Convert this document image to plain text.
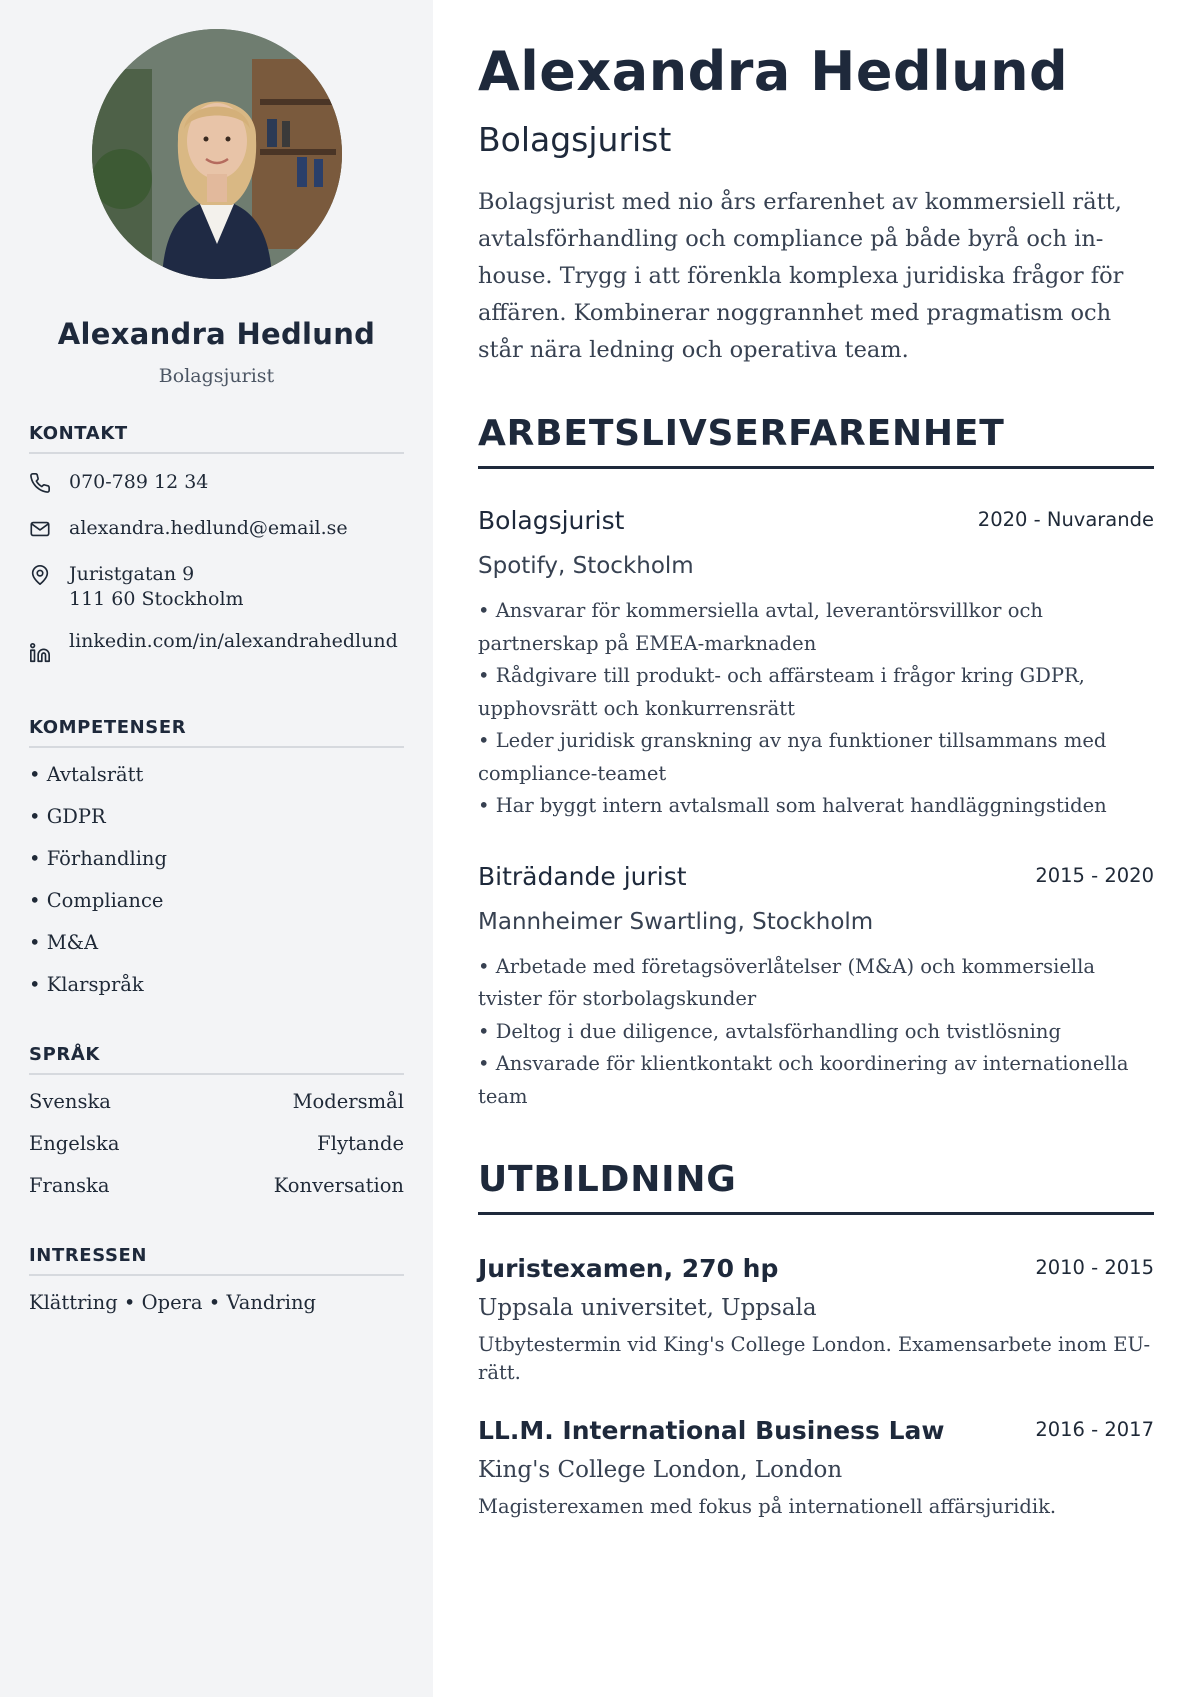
Alexandra Hedlund
Bolagsjurist
KONTAKT
070-789 12 34
alexandra.hedlund@email.se
Juristgatan 9
111 60 Stockholm
linkedin.com/in/alexandrahedlund
KOMPETENSER
• Avtalsrätt
• GDPR
• Förhandling
• Compliance
• M&A
• Klarspråk
SPRÅK
Svenska	Modersmål
Engelska	Flytande
Franska	Konversation
INTRESSEN
Klättring • Opera • Vandring
Alexandra Hedlund
Bolagsjurist

Bolagsjurist med nio års erfarenhet av kommersiell rätt, avtalsförhandling och compliance på både byrå och in-house. Trygg i att förenkla komplexa juridiska frågor för affären. Kombinerar noggrannhet med pragmatism och står nära ledning och operativa team.

ARBETSLIVSERFARENHET
Bolagsjurist	2020 - Nuvarande
Spotify, Stockholm
• Ansvarar för kommersiella avtal, leverantörsvillkor och partnerskap på EMEA-marknaden
• Rådgivare till produkt- och affärsteam i frågor kring GDPR, upphovsrätt och konkurrensrätt
• Leder juridisk granskning av nya funktioner tillsammans med compliance-teamet
• Har byggt intern avtalsmall som halverat handläggningstiden
Biträdande jurist	2015 - 2020
Mannheimer Swartling, Stockholm
• Arbetade med företagsöverlåtelser (M&A) och kommersiella tvister för storbolagskunder
• Deltog i due diligence, avtalsförhandling och tvistlösning
• Ansvarade för klientkontakt och koordinering av internationella team
UTBILDNING
Juristexamen, 270 hp	2010 - 2015
Uppsala universitet, Uppsala
Utbytestermin vid King's College London. Examensarbete inom EU-rätt.
LL.M. International Business Law	2016 - 2017
King's College London, London
Magisterexamen med fokus på internationell affärsjuridik.
